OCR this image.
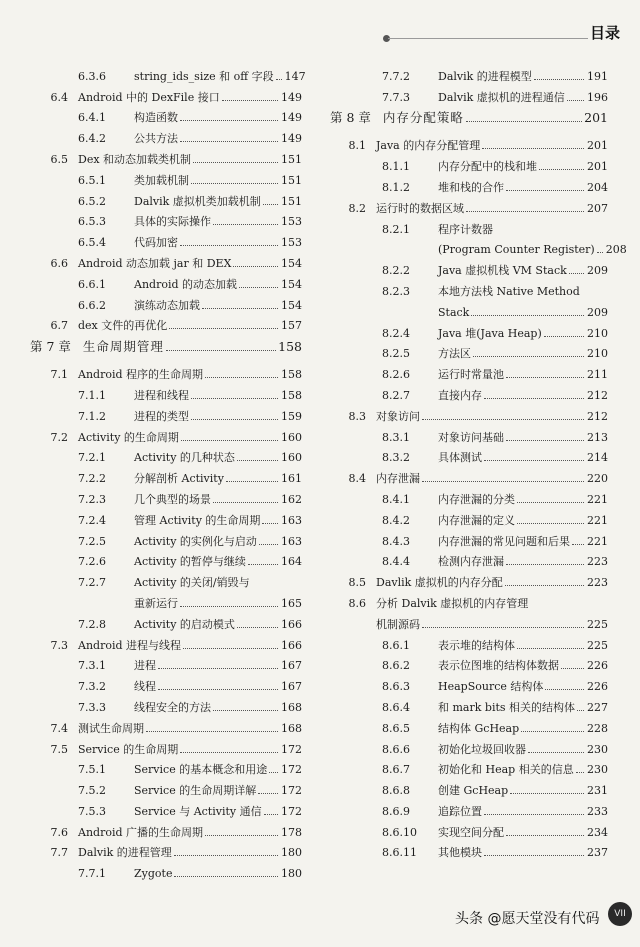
目录
6.3.6	string_ids_size 和 off 字段 147
6.4 Android 中的 DexFile 接口	149
6.4.1	构造函数	149
6.4.2	公共方法	149
6.5 Dex 和动态加载类机制	151
6.5.1	类加载机制	151
6.5.2	Dalvik 虚拟机类加载机制 151
6.5.3	具体的实际操作	153
6.5.4	代码加密	153
6.6 Android 动态加载 jar 和 DEX	154
6.6.1	Android 的动态加载	154
6.6.2	演练动态加载	154
6.7 dex 文件的再优化	157
第 7 章 生命周期管理	158
7.1 Android 程序的生命周期	158
7.1.1	进程和线程	158
7.1.2	进程的类型	159
7.2 Activity 的生命周期	160
7.2.1	Activity 的几种状态	160
7.2.2	分解剖析 Activity	161
7.2.3	几个典型的场景	162
7.2.4	管理 Activity 的生命周期 163
7.2.5	Activity 的实例化与启动 163
7.2.6	Activity 的暂停与继续	164
7.2.7	Activity 的关闭/销毁与
重新运行	165
7.2.8	Activity 的启动模式	166
7.3 Android 进程与线程	166
7.3.1	进程	167
7.3.2	线程	167
7.3.3	线程安全的方法	168
7.4 测试生命周期	168
7.5 Service 的生命周期	172
7.5.1	Service 的基本概念和用途 172
7.5.2	Service 的生命周期详解 172
7.5.3	Service 与 Activity 通信 172
7.6 Android 广播的生命周期	178
7.7 Dalvik 的进程管理	180
7.7.1	Zygote	180
7.7.2	Dalvik 的进程模型	191
7.7.3	Dalvik 虚拟机的进程通信 196
第 8 章 内存分配策略	201
8.1 Java 的内存分配管理	201
8.1.1	内存分配中的栈和堆	201
8.1.2	堆和栈的合作	204
8.2 运行时的数据区域	207
8.2.1	程序计数器
(Program Counter Register) 208
8.2.2	Java 虚拟机栈 VM Stack 209
8.2.3	本地方法栈 Native Method
Stack	209
8.2.4	Java 堆(Java Heap)	210
8.2.5	方法区	210
8.2.6	运行时常量池	211
8.2.7	直接内存	212
8.3 对象访问	212
8.3.1	对象访问基础	213
8.3.2	具体测试	214
8.4 内存泄漏	220
8.4.1	内存泄漏的分类	221
8.4.2	内存泄漏的定义	221
8.4.3	内存泄漏的常见问题和后果 221
8.4.4	检测内存泄漏	223
8.5 Davlik 虚拟机的内存分配	223
8.6 分析 Dalvik 虚拟机的内存管理
机制源码	225
8.6.1	表示堆的结构体	225
8.6.2	表示位图堆的结构体数据	226
8.6.3	HeapSource 结构体	226
8.6.4	和 mark bits 相关的结构体 227
8.6.5	结构体 GcHeap	228
8.6.6	初始化垃圾回收器	230
8.6.7	初始化和 Heap 相关的信息 230
8.6.8	创建 GcHeap	231
8.6.9	追踪位置	233
8.6.10	实现空间分配	234
8.6.11	其他模块	237
头条 @愿天堂没有代码	VII
